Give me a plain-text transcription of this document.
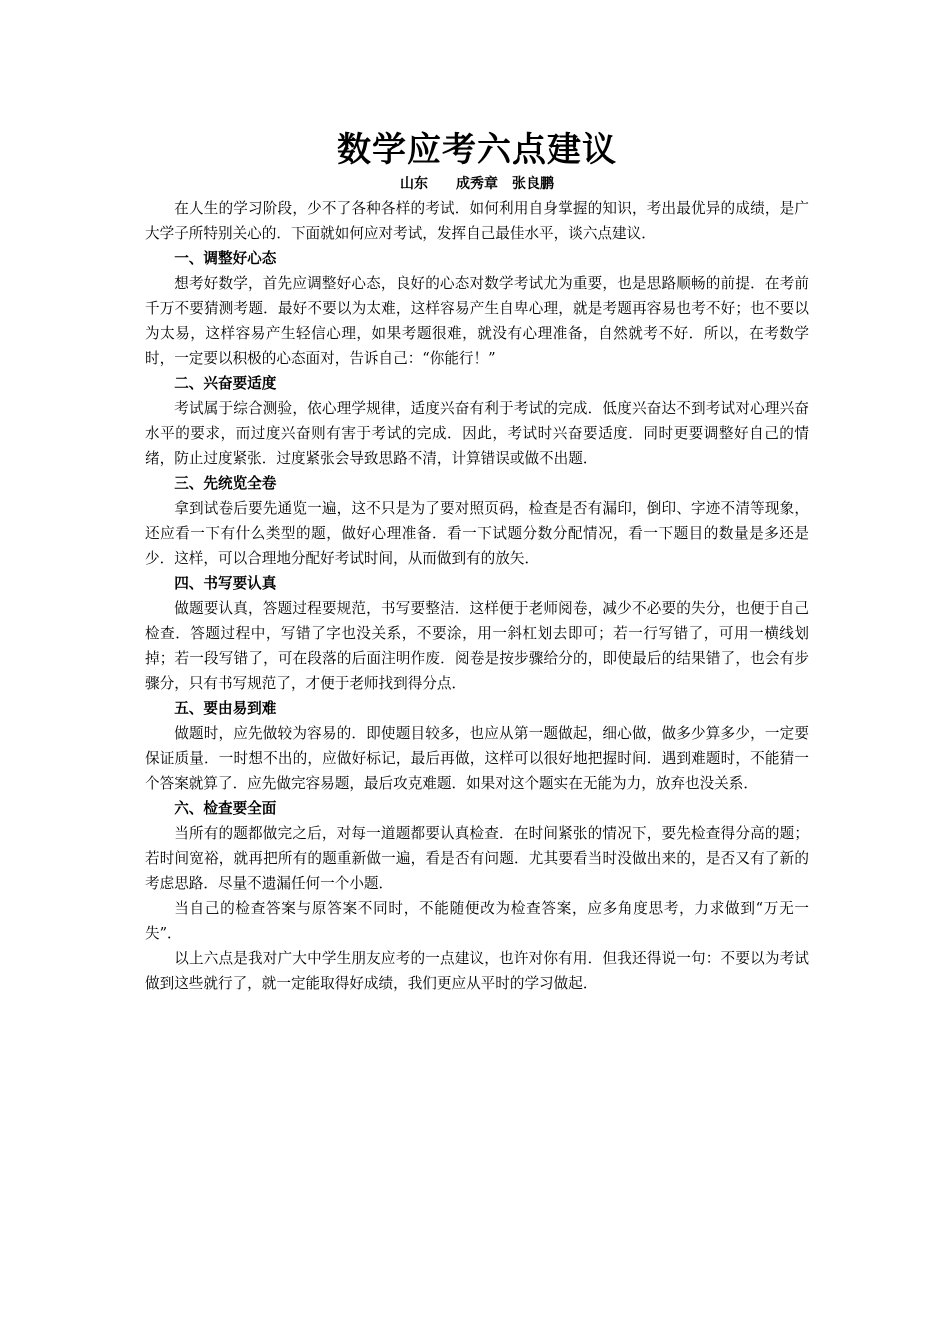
数学应考六点建议

山东　　成秀章　张良鹏

在人生的学习阶段，少不了各种各样的考试．如何利用自身掌握的知识，考出最优异的成绩，是广大学子所特别关心的．下面就如何应对考试，发挥自己最佳水平，谈六点建议．

一、调整好心态

想考好数学，首先应调整好心态，良好的心态对数学考试尤为重要，也是思路顺畅的前提．在考前千万不要猜测考题．最好不要以为太难，这样容易产生自卑心理，就是考题再容易也考不好；也不要以为太易，这样容易产生轻信心理，如果考题很难，就没有心理准备，自然就考不好．所以，在考数学时，一定要以积极的心态面对，告诉自己：“你能行！”

二、兴奋要适度

考试属于综合测验，依心理学规律，适度兴奋有利于考试的完成．低度兴奋达不到考试对心理兴奋水平的要求，而过度兴奋则有害于考试的完成．因此，考试时兴奋要适度．同时更要调整好自己的情绪，防止过度紧张．过度紧张会导致思路不清，计算错误或做不出题．

三、先统览全卷

拿到试卷后要先通览一遍，这不只是为了要对照页码，检查是否有漏印，倒印、字迹不清等现象，还应看一下有什么类型的题，做好心理准备．看一下试题分数分配情况，看一下题目的数量是多还是少．这样，可以合理地分配好考试时间，从而做到有的放矢．

四、书写要认真

做题要认真，答题过程要规范，书写要整洁．这样便于老师阅卷，减少不必要的失分，也便于自己检查．答题过程中，写错了字也没关系，不要涂，用一斜杠划去即可；若一行写错了，可用一横线划掉；若一段写错了，可在段落的后面注明作废．阅卷是按步骤给分的，即使最后的结果错了，也会有步骤分，只有书写规范了，才便于老师找到得分点．

五、要由易到难

做题时，应先做较为容易的．即使题目较多，也应从第一题做起，细心做，做多少算多少，一定要保证质量．一时想不出的，应做好标记，最后再做，这样可以很好地把握时间．遇到难题时，不能猜一个答案就算了．应先做完容易题，最后攻克难题．如果对这个题实在无能为力，放弃也没关系．

六、检查要全面

当所有的题都做完之后，对每一道题都要认真检查．在时间紧张的情况下，要先检查得分高的题；若时间宽裕，就再把所有的题重新做一遍，看是否有问题．尤其要看当时没做出来的，是否又有了新的考虑思路．尽量不遗漏任何一个小题．

当自己的检查答案与原答案不同时，不能随便改为检查答案，应多角度思考，力求做到“万无一失”．

以上六点是我对广大中学生朋友应考的一点建议，也许对你有用．但我还得说一句：不要以为考试做到这些就行了，就一定能取得好成绩，我们更应从平时的学习做起．
